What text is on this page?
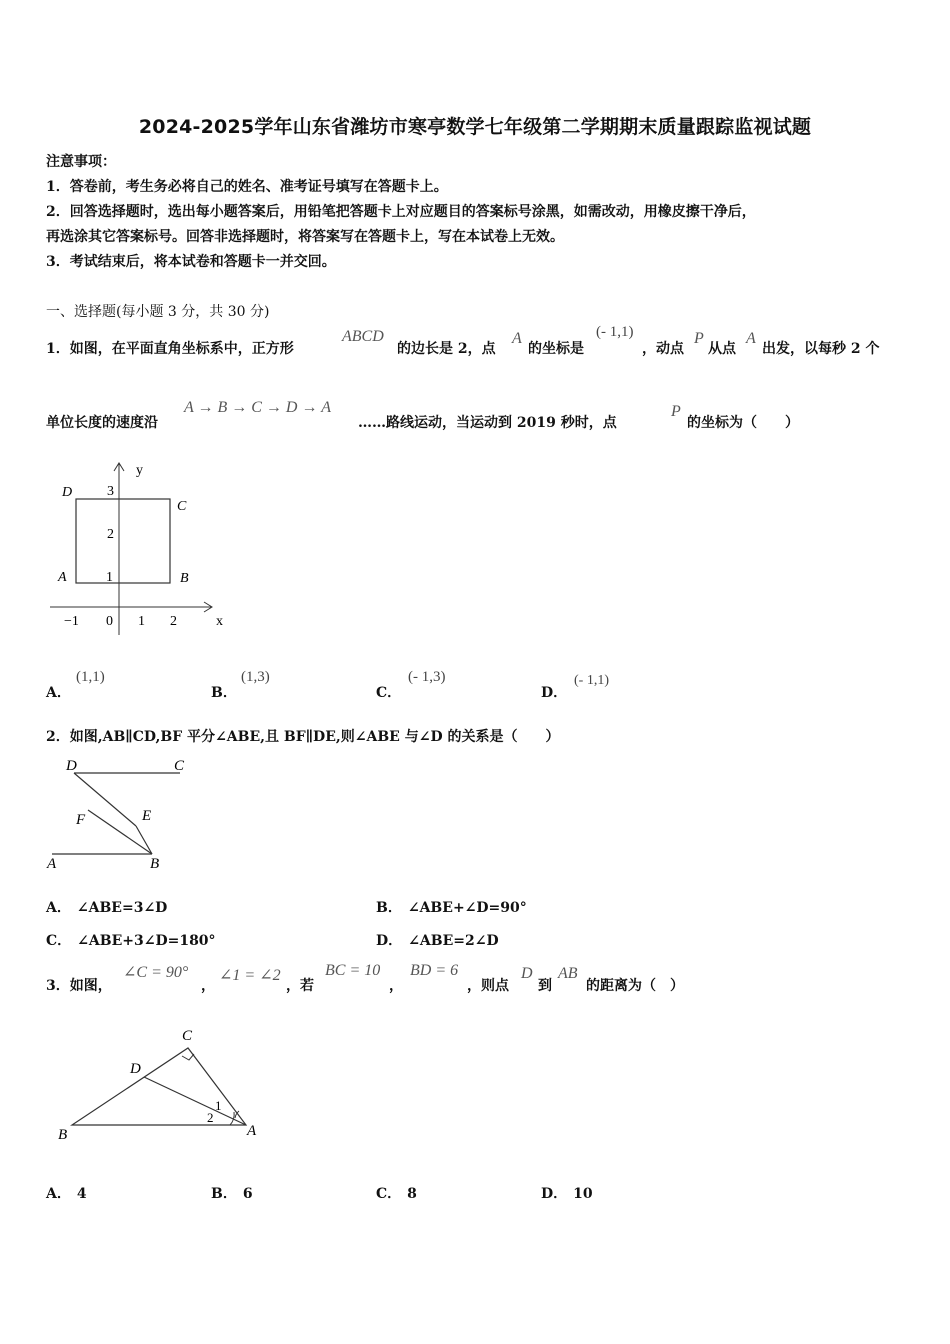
2024-2025学年山东省潍坊市寒亭数学七年级第二学期期末质量跟踪监视试题
注意事项：
1．答卷前，考生务必将自己的姓名、准考证号填写在答题卡上。
2．回答选择题时，选出每小题答案后，用铅笔把答题卡上对应题目的答案标号涂黑，如需改动，用橡皮擦干净后，
再选涂其它答案标号。回答非选择题时，将答案写在答题卡上，写在本试卷上无效。
3．考试结束后，将本试卷和答题卡一并交回。
一、选择题(每小题 3 分，共 30 分)
1．如图，在平面直角坐标系中，正方形
ABCD
的边长是 2，点
A
的坐标是
(- 1,1)
，动点
P
从点
A
出发，以每秒 2 个
单位长度的速度沿
A → B → C → D → A
……路线运动，当运动到 2019 秒时，点
P
的坐标为（　　）
y
x
D
C
A	B
3
2
1
−1 0 1 2
A．
(1,1)
B．
(1,3)
C．
(- 1,3)
D．
(- 1,1)
2．如图,AB∥CD,BF 平分∠ABE,且 BF∥DE,则∠ABE 与∠D 的关系是（　　）
D	C
F	E
A	B
A． ∠ABE=3∠D	B． ∠ABE+∠D=90°
C． ∠ABE+3∠D=180°	D． ∠ABE=2∠D
3．如图，
∠C = 90°
，
∠1 = ∠2
，若
BC = 10
，
BD = 6
，则点
D
到
AB
的距离为（　）
C
D
B	A
1
2
A． 4	B． 6	C． 8	D． 10
